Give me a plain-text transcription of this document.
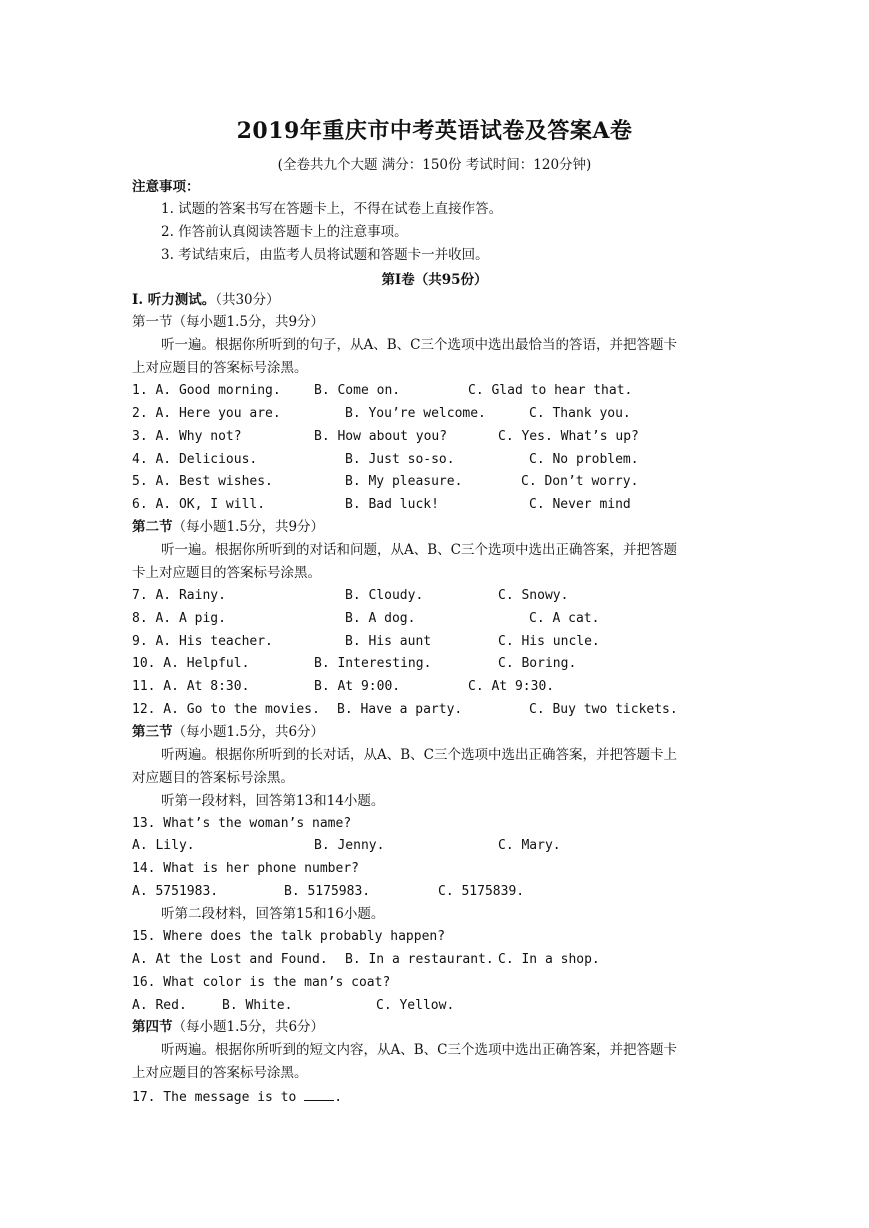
2019年重庆市中考英语试卷及答案A卷
(全卷共九个大题 满分：150份 考试时间：120分钟)
注意事项：
1. 试题的答案书写在答题卡上，不得在试卷上直接作答。
2. 作答前认真阅读答题卡上的注意事项。
3. 考试结束后，由监考人员将试题和答题卡一并收回。
第Ⅰ卷（共95份）
I. 听力测试。（共30分）
第一节（每小题1.5分，共9分）
听一遍。根据你所听到的句子，从A、B、C三个选项中选出最恰当的答语，并把答题卡
上对应题目的答案标号涂黑。
1. A. Good morning.	B. Come on.	C. Glad to hear that.
2. A. Here you are.	B. You’re welcome.	C. Thank you.
3. A. Why not?	B. How about you?	C. Yes. What’s up?
4. A. Delicious.	B. Just so-so.	C. No problem.
5. A. Best wishes.	B. My pleasure.	C. Don’t worry.
6. A. OK, I will.	B. Bad luck!	C. Never mind
第二节（每小题1.5分，共9分）
听一遍。根据你所听到的对话和问题，从A、B、C三个选项中选出正确答案，并把答题
卡上对应题目的答案标号涂黑。
7. A. Rainy.	B. Cloudy.	C. Snowy.
8. A. A pig.	B. A dog.	C. A cat.
9. A. His teacher.	B. His aunt	C. His uncle.
10. A. Helpful.	B. Interesting.	C. Boring.
11. A. At 8:30.	B. At 9:00.	C. At 9:30.
12. A. Go to the movies. B. Have a party.	C. Buy two tickets.
第三节（每小题1.5分，共6分）
听两遍。根据你所听到的长对话，从A、B、C三个选项中选出正确答案，并把答题卡上
对应题目的答案标号涂黑。
听第一段材料，回答第13和14小题。
13. What’s the woman’s name?
A. Lily.	B. Jenny.	C. Mary.
14. What is her phone number?
A. 5751983.	B. 5175983.	C. 5175839.
听第二段材料，回答第15和16小题。
15. Where does the talk probably happen?
A. At the Lost and Found. B. In a restaurant. C. In a shop.
16. What color is the man’s coat?
A. Red.	B. White.	C. Yellow.
第四节（每小题1.5分，共6分）
听两遍。根据你所听到的短文内容，从A、B、C三个选项中选出正确答案，并把答题卡
上对应题目的答案标号涂黑。
17. The message is to	.
